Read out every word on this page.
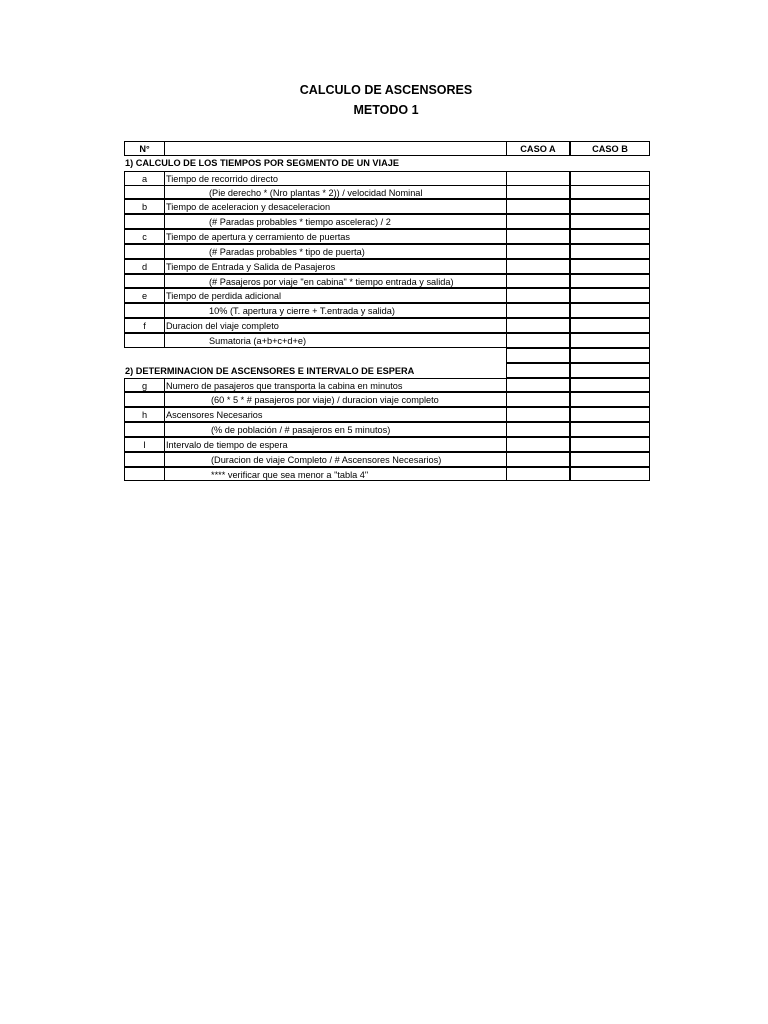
CALCULO DE ASCENSORES
METODO 1
N°	CASO A	CASO B
1) CALCULO DE LOS TIEMPOS POR SEGMENTO DE UN VIAJE
a	Tiempo de recorrido directo
(Pie derecho * (Nro plantas * 2)) / velocidad Nominal
b	Tiempo de aceleracion y desaceleracion
(# Paradas probables * tiempo ascelerac) / 2
c	Tiempo de apertura y cerramiento de puertas
(# Paradas probables * tipo de puerta)
d	Tiempo de Entrada y Salida de Pasajeros
(# Pasajeros por viaje "en cabina" * tiempo entrada y salida)
e	Tiempo de perdida adicional
10% (T. apertura y cierre + T.entrada y salida)
f	Duracion del viaje completo
Sumatoria (a+b+c+d+e)
2) DETERMINACION DE ASCENSORES E INTERVALO DE ESPERA
g	Numero de pasajeros que transporta la cabina en minutos
(60 * 5 * # pasajeros por viaje) / duracion viaje completo
h	Ascensores Necesarios
(% de población / # pasajeros en 5 minutos)
I	Intervalo de tiempo de espera
(Duracion de viaje Completo / # Ascensores Necesarios)
**** verificar que sea menor a "tabla 4"
